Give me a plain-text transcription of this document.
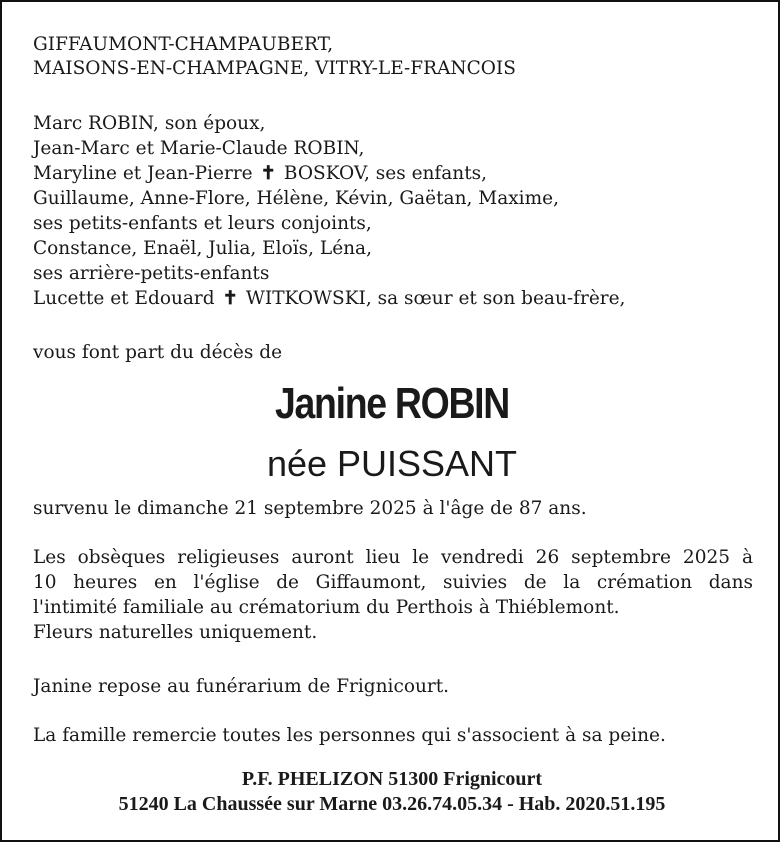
GIFFAUMONT-CHAMPAUBERT,
MAISONS-EN-CHAMPAGNE, VITRY-LE-FRANCOIS
Marc ROBIN, son époux,
Jean-Marc et Marie-Claude ROBIN,
Maryline et Jean-Pierre ✝ BOSKOV, ses enfants,
Guillaume, Anne-Flore, Hélène, Kévin, Gaëtan, Maxime,
ses petits-enfants et leurs conjoints,
Constance, Enaël, Julia, Eloïs, Léna,
ses arrière-petits-enfants
Lucette et Edouard ✝ WITKOWSKI, sa sœur et son beau-frère,
vous font part du décès de
Janine ROBIN
née PUISSANT
survenu le dimanche 21 septembre 2025 à l'âge de 87 ans.
Les obsèques religieuses auront lieu le vendredi 26 septembre 2025 à
10 heures en l'église de Giffaumont, suivies de la crémation dans
l'intimité familiale au crématorium du Perthois à Thiéblemont.
Fleurs naturelles uniquement.
Janine repose au funérarium de Frignicourt.
La famille remercie toutes les personnes qui s'associent à sa peine.
P.F. PHELIZON 51300 Frignicourt
51240 La Chaussée sur Marne 03.26.74.05.34 - Hab. 2020.51.195
